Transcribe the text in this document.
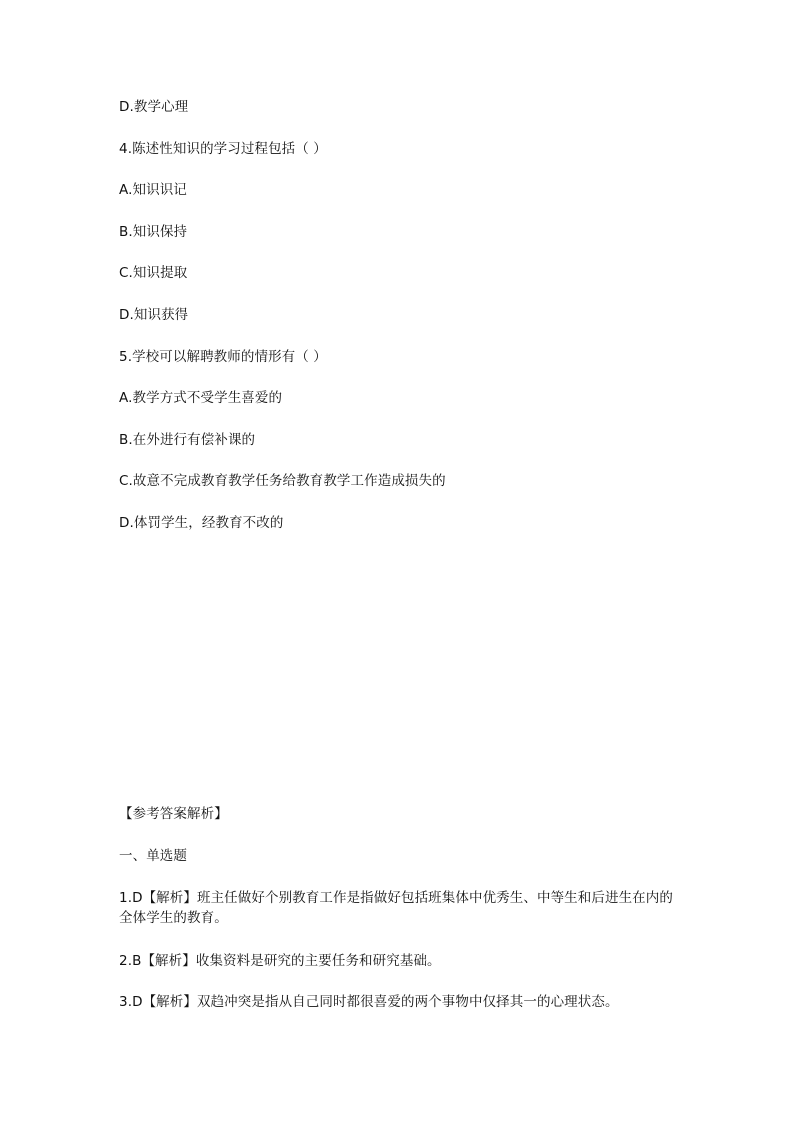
D.教学心理
4.陈述性知识的学习过程包括（ ）
A.知识识记
B.知识保持
C.知识提取
D.知识获得
5.学校可以解聘教师的情形有（ ）
A.教学方式不受学生喜爱的
B.在外进行有偿补课的
C.故意不完成教育教学任务给教育教学工作造成损失的
D.体罚学生，经教育不改的
【参考答案解析】
一、单选题
1.D【解析】班主任做好个别教育工作是指做好包括班集体中优秀生、中等生和后进生在内的全体学生的教育。
2.B【解析】收集资料是研究的主要任务和研究基础。
3.D【解析】双趋冲突是指从自己同时都很喜爱的两个事物中仅择其一的心理状态。
